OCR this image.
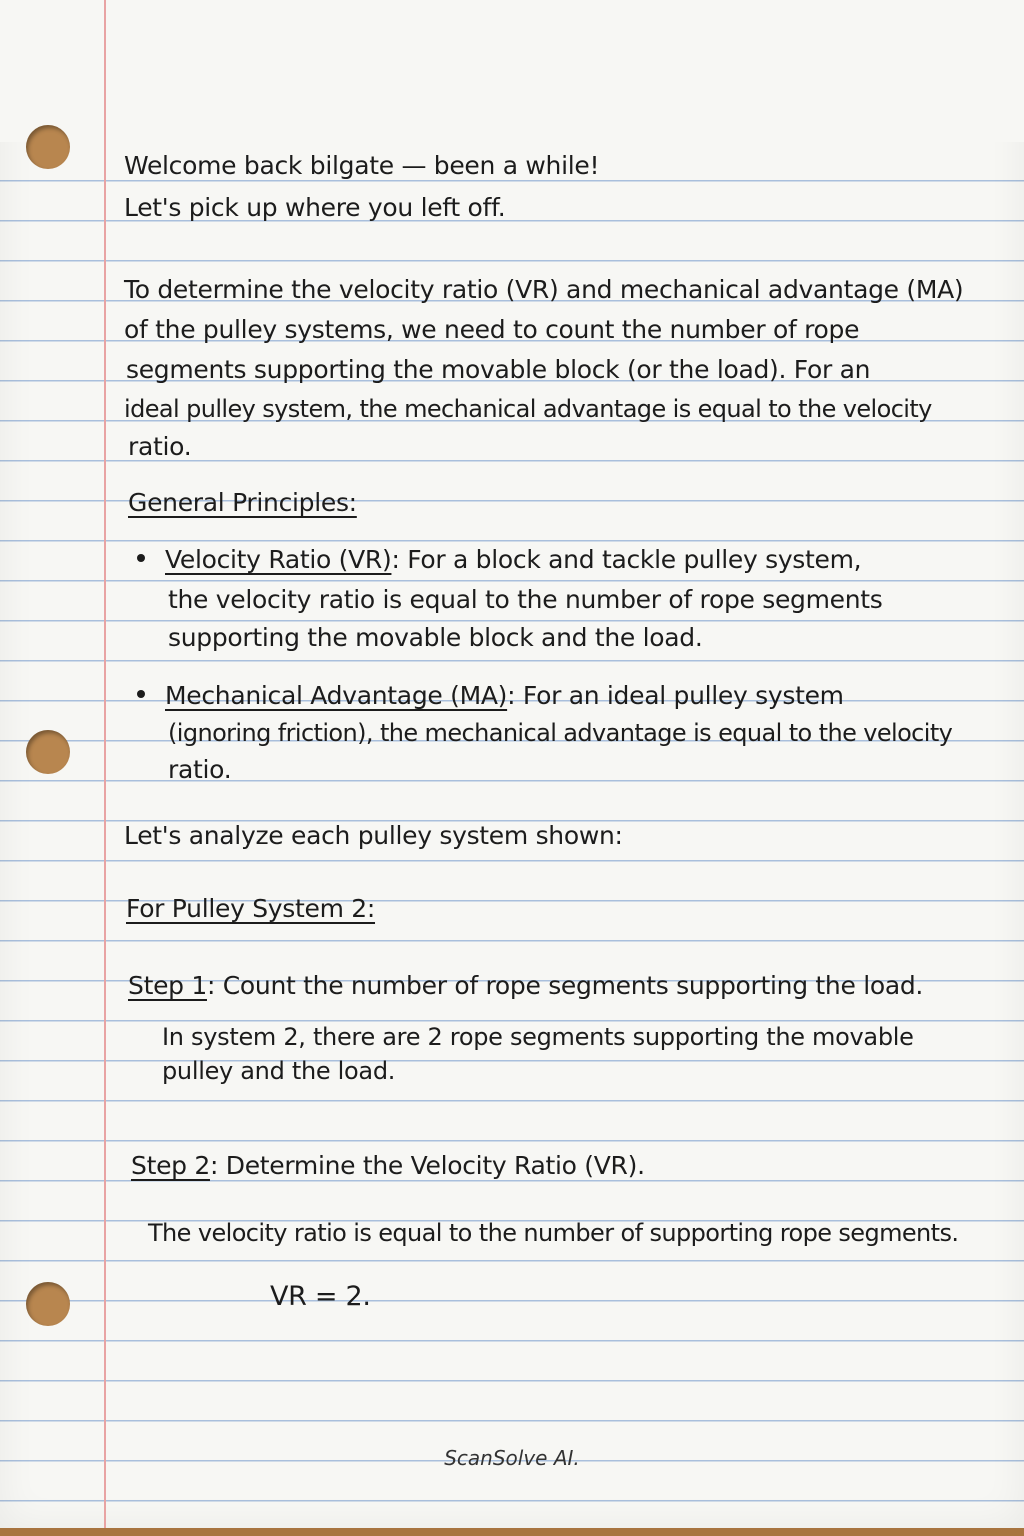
Welcome back bilgate — been a while!
Let's pick up where you left off.
To determine the velocity ratio (VR) and mechanical advantage (MA)
of the pulley systems, we need to count the number of rope
segments supporting the movable block (or the load). For an
ideal pulley system, the mechanical advantage is equal to the velocity
ratio.
General Principles:
Velocity Ratio (VR): For a block and tackle pulley system,
the velocity ratio is equal to the number of rope segments
supporting the movable block and the load.
Mechanical Advantage (MA): For an ideal pulley system
(ignoring friction), the mechanical advantage is equal to the velocity
ratio.
Let's analyze each pulley system shown:
For Pulley System 2:
Step 1: Count the number of rope segments supporting the load.
In system 2, there are 2 rope segments supporting the movable
pulley and the load.
Step 2: Determine the Velocity Ratio (VR).
The velocity ratio is equal to the number of supporting rope segments.
VR = 2.
ScanSolve AI.
